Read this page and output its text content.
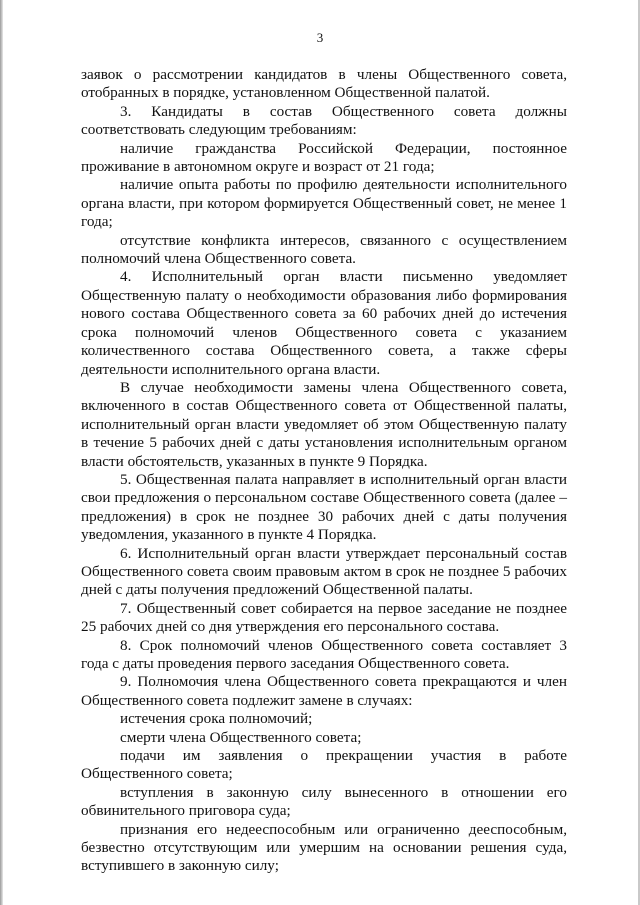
3

заявок о рассмотрении кандидатов в члены Общественного совета, отобранных в порядке, установленном Общественной палатой.

3. Кандидаты в состав Общественного совета должны соответствовать следующим требованиям:

наличие гражданства Российской Федерации, постоянное проживание в автономном округе и возраст от 21 года;

наличие опыта работы по профилю деятельности исполнительного органа власти, при котором формируется Общественный совет, не менее 1 года;

отсутствие конфликта интересов, связанного с осуществлением полномочий члена Общественного совета.

4. Исполнительный орган власти письменно уведомляет Общественную палату о необходимости образования либо формирования нового состава Общественного совета за 60 рабочих дней до истечения срока полномочий членов Общественного совета с указанием количественного состава Общественного совета, а также сферы деятельности исполнительного органа власти.

В случае необходимости замены члена Общественного совета, включенного в состав Общественного совета от Общественной палаты, исполнительный орган власти уведомляет об этом Общественную палату в течение 5 рабочих дней с даты установления исполнительным органом власти обстоятельств, указанных в пункте 9 Порядка.

5. Общественная палата направляет в исполнительный орган власти свои предложения о персональном составе Общественного совета (далее – предложения) в срок не позднее 30 рабочих дней с даты получения уведомления, указанного в пункте 4 Порядка.

6. Исполнительный орган власти утверждает персональный состав Общественного совета своим правовым актом в срок не позднее 5 рабочих дней с даты получения предложений Общественной палаты.

7. Общественный совет собирается на первое заседание не позднее 25 рабочих дней со дня утверждения его персонального состава.

8. Срок полномочий членов Общественного совета составляет 3 года с даты проведения первого заседания Общественного совета.

9. Полномочия члена Общественного совета прекращаются и член Общественного совета подлежит замене в случаях:

истечения срока полномочий;

смерти члена Общественного совета;

подачи им заявления о прекращении участия в работе Общественного совета;

вступления в законную силу вынесенного в отношении его обвинительного приговора суда;

признания его недееспособным или ограниченно дееспособным, безвестно отсутствующим или умершим на основании решения суда, вступившего в законную силу;
